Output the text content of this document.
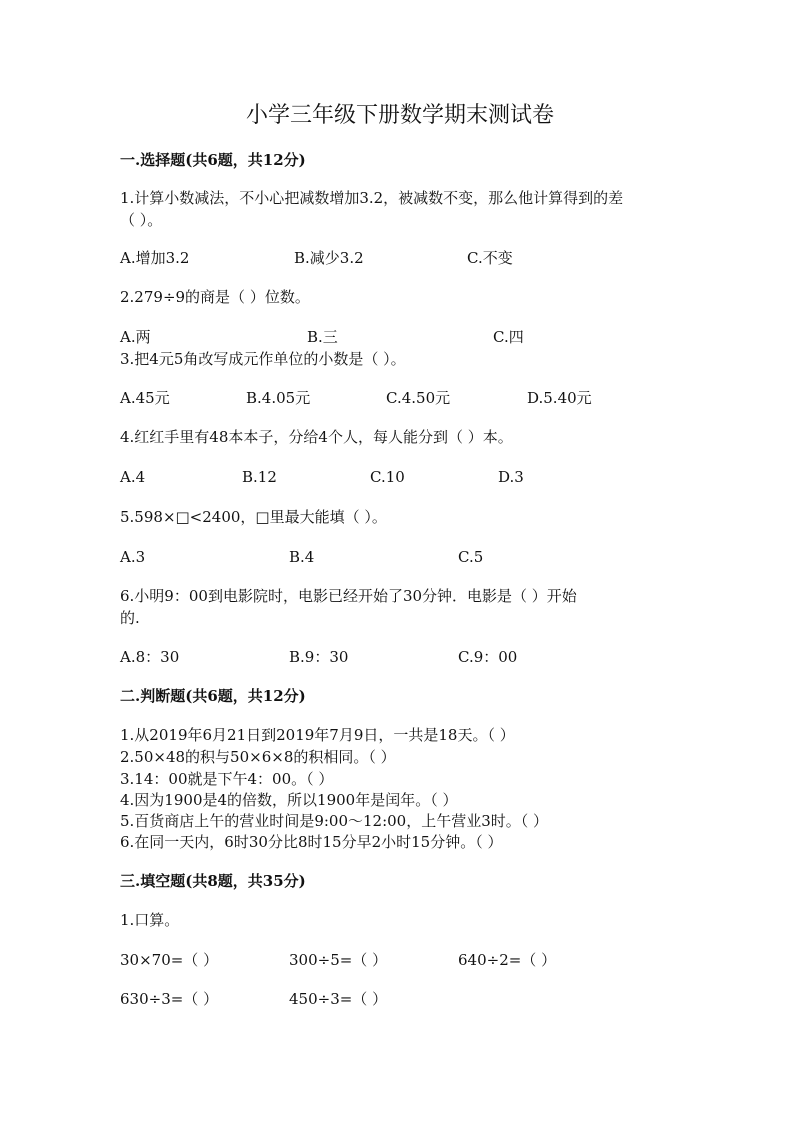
小学三年级下册数学期末测试卷
一.选择题(共6题，共12分)
1.计算小数减法，不小心把减数增加3.2，被减数不变，那么他计算得到的差
（ ）。
A.增加3.2	B.减少3.2	C.不变
2.279÷9的商是（ ）位数。
A.两	B.三	C.四
3.把4元5角改写成元作单位的小数是（ ）。
A.45元	B.4.05元	C.4.50元	D.5.40元
4.红红手里有48本本子，分给4个人，每人能分到（ ）本。
A.4	B.12	C.10	D.3
5.598×□<2400，□里最大能填（ ）。
A.3	B.4	C.5
6.小明9：00到电影院时，电影已经开始了30分钟．电影是（ ）开始
的.
A.8：30	B.9：30	C.9：00
二.判断题(共6题，共12分)
1.从2019年6月21日到2019年7月9日，一共是18天。（ ）
2.50×48的积与50×6×8的积相同。（ ）
3.14：00就是下午4：00。（ ）
4.因为1900是4的倍数，所以1900年是闰年。（ ）
5.百货商店上午的营业时间是9:00～12:00，上午营业3时。（ ）
6.在同一天内，6时30分比8时15分早2小时15分钟。（ ）
三.填空题(共8题，共35分)
1.口算。
30×70=（ ）	300÷5=（ ）	640÷2=（ ）
630÷3=（ ）	450÷3=（ ）
